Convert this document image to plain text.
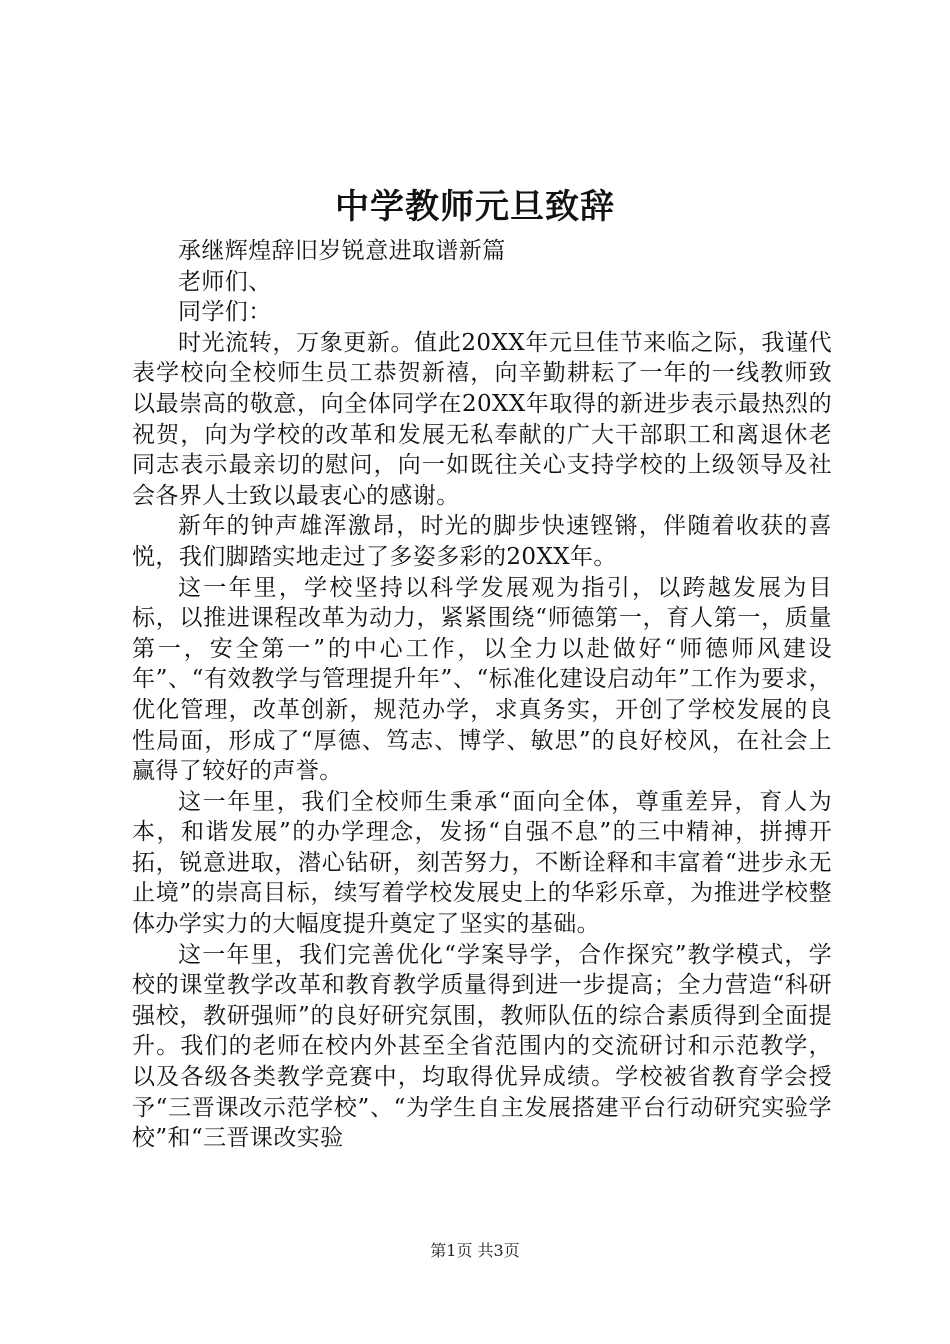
中学教师元旦致辞

承继辉煌辞旧岁锐意进取谱新篇

老师们、

同学们：

时光流转，万象更新。值此20XX年元旦佳节来临之际，我谨代表学校向全校师生员工恭贺新禧，向辛勤耕耘了一年的一线教师致以最崇高的敬意，向全体同学在20XX年取得的新进步表示最热烈的祝贺，向为学校的改革和发展无私奉献的广大干部职工和离退休老同志表示最亲切的慰问，向一如既往关心支持学校的上级领导及社会各界人士致以最衷心的感谢。

新年的钟声雄浑激昂，时光的脚步快速铿锵，伴随着收获的喜悦，我们脚踏实地走过了多姿多彩的20XX年。

这一年里，学校坚持以科学发展观为指引，以跨越发展为目标，以推进课程改革为动力，紧紧围绕“师德第一，育人第一，质量第一，安全第一”的中心工作，以全力以赴做好“师德师风建设年”、“有效教学与管理提升年”、“标准化建设启动年”工作为要求，优化管理，改革创新，规范办学，求真务实，开创了学校发展的良性局面，形成了“厚德、笃志、博学、敏思”的良好校风，在社会上赢得了较好的声誉。

这一年里，我们全校师生秉承“面向全体，尊重差异，育人为本，和谐发展”的办学理念，发扬“自强不息”的三中精神，拼搏开拓，锐意进取，潜心钻研，刻苦努力，不断诠释和丰富着“进步永无止境”的崇高目标，续写着学校发展史上的华彩乐章，为推进学校整体办学实力的大幅度提升奠定了坚实的基础。

这一年里，我们完善优化“学案导学，合作探究”教学模式，学校的课堂教学改革和教育教学质量得到进一步提高；全力营造“科研强校，教研强师”的良好研究氛围，教师队伍的综合素质得到全面提升。我们的老师在校内外甚至全省范围内的交流研讨和示范教学，以及各级各类教学竞赛中，均取得优异成绩。学校被省教育学会授予“三晋课改示范学校”、“为学生自主发展搭建平台行动研究实验学校”和“三晋课改实验

第1页 共3页
